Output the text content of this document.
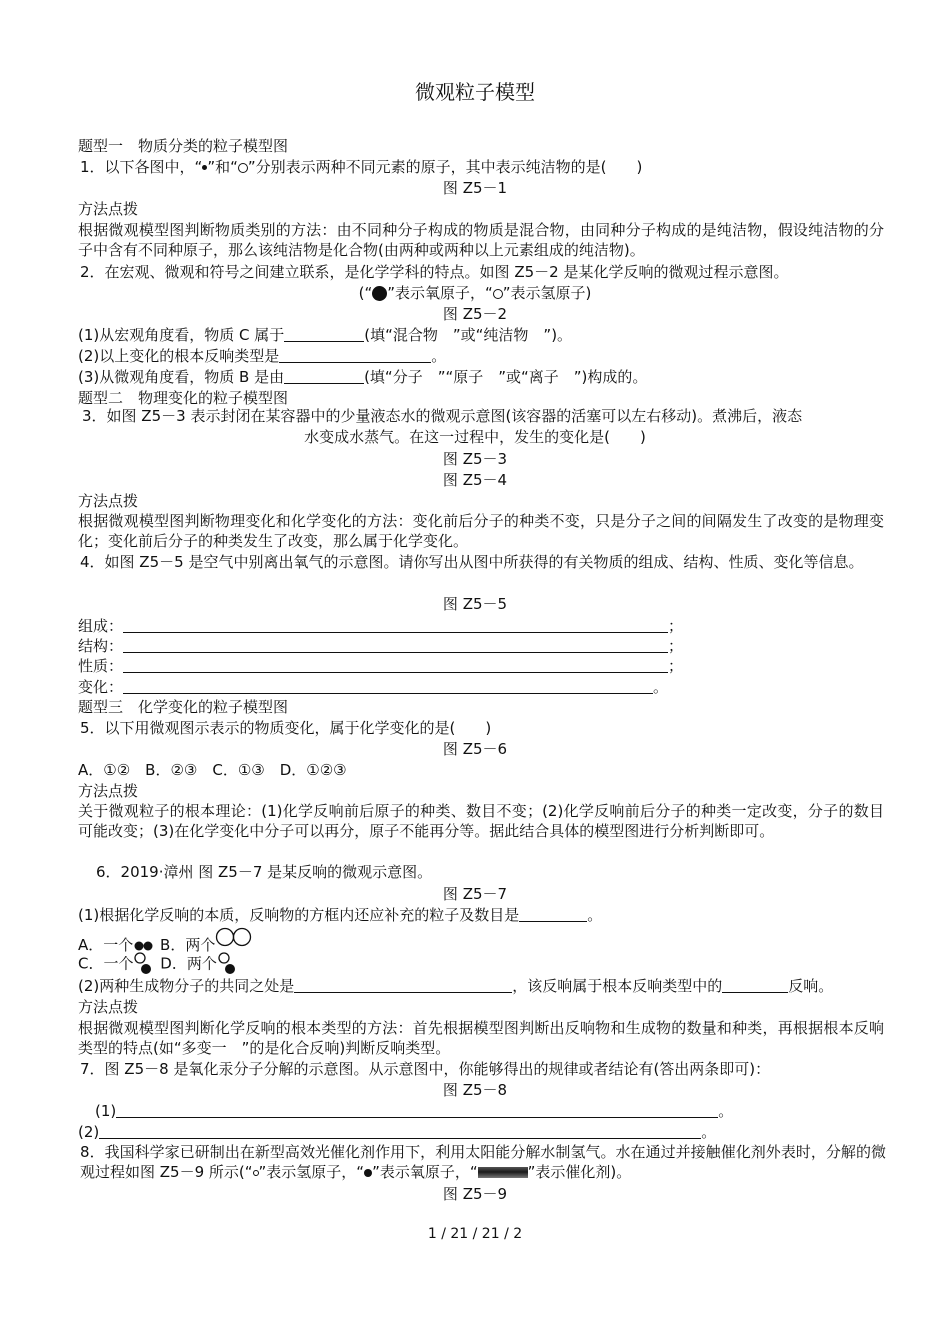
微观粒子模型
题型一　物质分类的粒子模型图
1．以下各图中，“ ”和“ ”分别表示两种不同元素的原子，其中表示纯洁物的是(　　)
图 Z5－1
方法点拨
根据微观模型图判断物质类别的方法：由不同种分子构成的物质是混合物，由同种分子构成的是纯洁物，假设纯洁物的分子中含有不同种原子，那么该纯洁物是化合物(由两种或两种以上元素组成的纯洁物)。
2．在宏观、微观和符号之间建立联系，是化学学科的特点。如图 Z5－2 是某化学反响的微观过程示意图。
(“ ”表示氧原子，“ ”表示氢原子)
图 Z5－2
(1)从宏观角度看，物质 C 属于	(填“混合物　”或“纯洁物　”)。
(2)以上变化的根本反响类型是	。
(3)从微观角度看，物质 B 是由	(填“分子　”“原子　”或“离子　”)构成的。
题型二　物理变化的粒子模型图
3．如图 Z5－3 表示封闭在某容器中的少量液态水的微观示意图(该容器的活塞可以左右移动)。煮沸后，液态
水变成水蒸气。在这一过程中，发生的变化是(　　)
图 Z5－3
图 Z5－4
方法点拨
根据微观模型图判断物理变化和化学变化的方法：变化前后分子的种类不变，只是分子之间的间隔发生了改变的是物理变化；变化前后分子的种类发生了改变，那么属于化学变化。
4．如图 Z5－5 是空气中别离出氧气的示意图。请你写出从图中所获得的有关物质的组成、结构、性质、变化等信息。
图 Z5－5
组成：	；
结构：	；
性质：	；
变化：	。
题型三　化学变化的粒子模型图
5．以下用微观图示表示的物质变化，属于化学变化的是(　　)
图 Z5－6
A．①②　B．②③　C．①③　D．①②③
方法点拨
关于微观粒子的根本理论：(1)化学反响前后原子的种类、数目不变；(2)化学反响前后分子的种类一定改变，分子的数目可能改变；(3)在化学变化中分子可以再分，原子不能再分等。据此结合具体的模型图进行分析判断即可。
6．2019·漳州 图 Z5－7 是某反响的微观示意图。
图 Z5－7
(1)根据化学反响的本质，反响物的方框内还应补充的粒子及数目是	。
A．一个 B．两个
C．一个 D．两个
(2)两种生成物分子的共同之处是	，该反响属于根本反响类型中的	反响。
方法点拨
根据微观模型图判断化学反响的根本类型的方法：首先根据模型图判断出反响物和生成物的数量和种类，再根据根本反响类型的特点(如“多变一　”的是化合反响)判断反响类型。
7．图 Z5－8 是氧化汞分子分解的示意图。从示意图中，你能够得出的规律或者结论有(答出两条即可)：
图 Z5－8
(1)	。
(2)	。
8．我国科学家已研制出在新型高效光催化剂作用下，利用太阳能分解水制氢气。水在通过并接触催化剂外表时，分解的微观过程如图 Z5－9 所示(“ ”表示氢原子，“ ”表示氧原子，“	”表示催化剂)。
图 Z5－9
1 / 21 / 21 / 2
